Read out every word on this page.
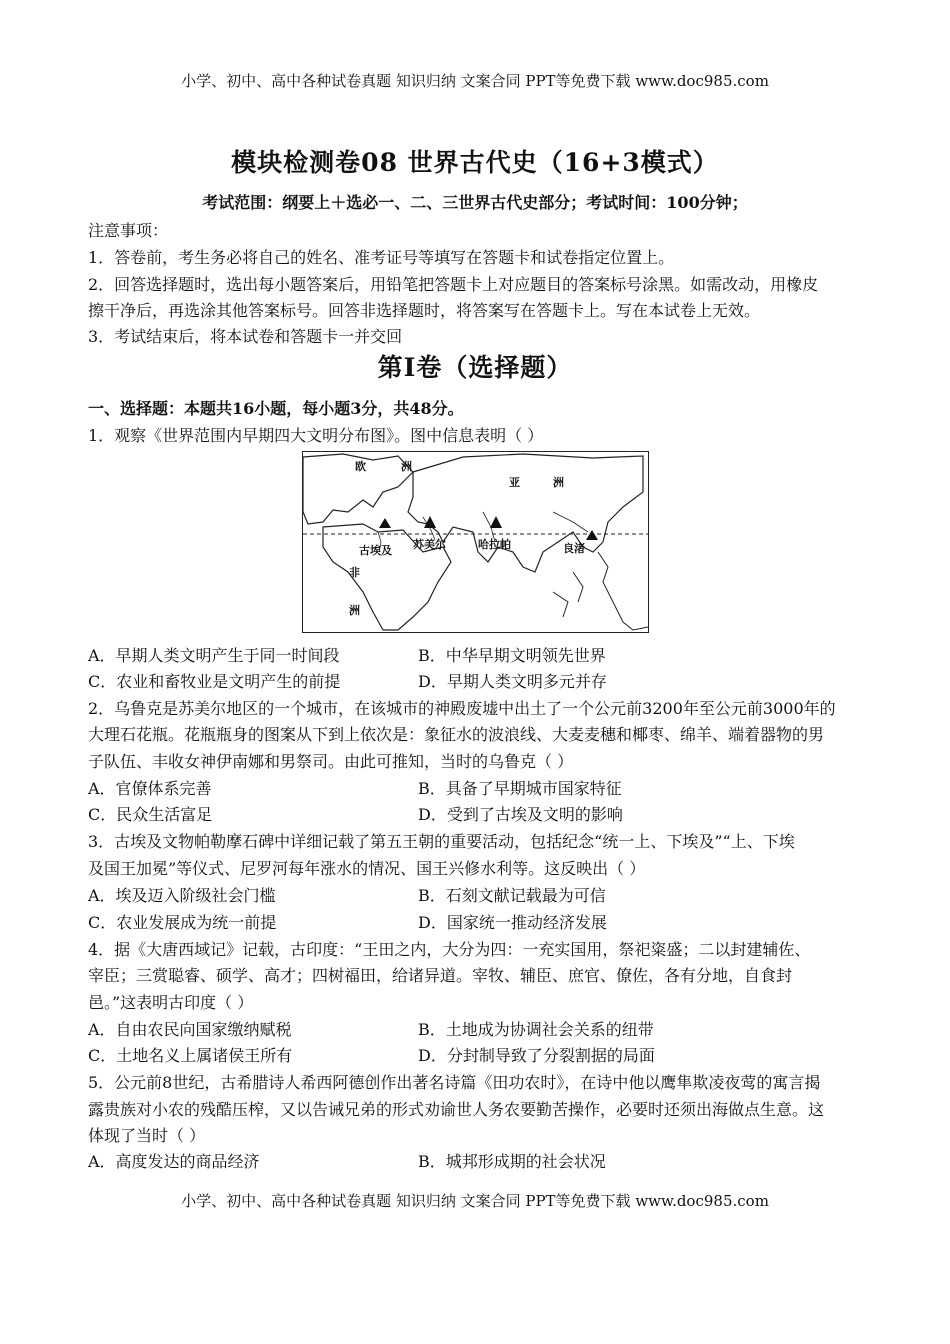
小学、初中、高中各种试卷真题 知识归纳 文案合同 PPT等免费下载 www.doc985.com
模块检测卷08 世界古代史（16+3模式）
考试范围：纲要上＋选必一、二、三世界古代史部分；考试时间：100分钟；
注意事项：
1．答卷前，考生务必将自己的姓名、准考证号等填写在答题卡和试卷指定位置上。
2．回答选择题时，选出每小题答案后，用铅笔把答题卡上对应题目的答案标号涂黑。如需改动，用橡皮
擦干净后，再选涂其他答案标号。回答非选择题时，将答案写在答题卡上。写在本试卷上无效。
3．考试结束后，将本试卷和答题卡一并交回
第I卷（选择题）
一、选择题：本题共16小题，每小题3分，共48分。
1．观察《世界范围内早期四大文明分布图》。图中信息表明（ ）
欧	洲
亚	洲
非
洲
古埃及 苏美尔	哈拉帕	良渚
A．早期人类文明产生于同一时间段	B．中华早期文明领先世界
C．农业和畜牧业是文明产生的前提	D．早期人类文明多元并存
2．乌鲁克是苏美尔地区的一个城市，在该城市的神殿废墟中出土了一个公元前3200年至公元前3000年的
大理石花瓶。花瓶瓶身的图案从下到上依次是：象征水的波浪线、大麦麦穗和椰枣、绵羊、端着器物的男
子队伍、丰收女神伊南娜和男祭司。由此可推知，当时的乌鲁克（ ）
A．官僚体系完善	B．具备了早期城市国家特征
C．民众生活富足	D．受到了古埃及文明的影响
3．古埃及文物帕勒摩石碑中详细记载了第五王朝的重要活动，包括纪念“统一上、下埃及”“上、下埃
及国王加冕”等仪式、尼罗河每年涨水的情况、国王兴修水利等。这反映出（ ）
A．埃及迈入阶级社会门槛	B．石刻文献记载最为可信
C．农业发展成为统一前提	D．国家统一推动经济发展
4．据《大唐西域记》记载，古印度：“王田之内，大分为四：一充实国用，祭祀粢盛；二以封建辅佐、
宰臣；三赏聪睿、硕学、高才；四树福田，给诸异道。宰牧、辅臣、庶官、僚佐，各有分地，自食封
邑。”这表明古印度（ ）
A．自由农民向国家缴纳赋税	B．土地成为协调社会关系的纽带
C．土地名义上属诸侯王所有	D．分封制导致了分裂割据的局面
5．公元前8世纪，古希腊诗人希西阿德创作出著名诗篇《田功农时》，在诗中他以鹰隼欺凌夜莺的寓言揭
露贵族对小农的残酷压榨，又以告诫兄弟的形式劝谕世人务农要勤苦操作，必要时还须出海做点生意。这
体现了当时（ ）
A．高度发达的商品经济	B．城邦形成期的社会状况
小学、初中、高中各种试卷真题 知识归纳 文案合同 PPT等免费下载 www.doc985.com
